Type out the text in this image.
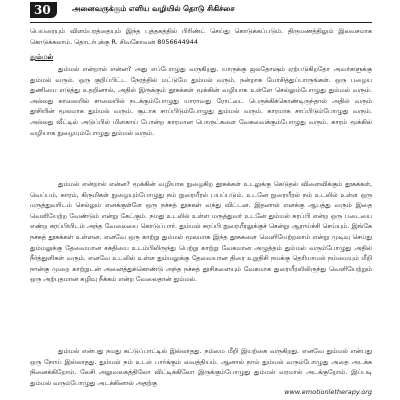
30	அனைவருக்கும் எளிய வழியில் தொடு சிகிச்சை
பெயரையும் விளம்பரத்தையும் இந்த புத்தகத்தில் பிரிண்ட் செய்து கொடுக்கப்படும். திருமணத்திலும் இலவசமாக கொடுக்கலாம். தொடர்புக்கு R. சிவகோவன் 8056644944
தும்மல்
தும்மல் என்றால் என்ன? அது எப்போழுது வருகிறது. யாருக்கு ஜலதோஷம் ஏற்படுகிறதோ அவர்களுக்கு தும்மல் வரும். ஒரு குறிப்பிட்ட நேரத்தில் மட்டுமே தும்மல் வரும். நன்றாக யோசித்துப்பாருங்கள். ஒரு பழைய துணியை எடுத்து உதறினால், அதில் இருக்கும் தூசுக்கள் மூக்கின் வழியாக உள்ளே செல்லும்போழுது தும்மல் வரும். அல்லது காலையில் சாலையில் நடக்கும்போழுது யாராவது ரோட்டை பெருக்கிக்கொண்டிருந்தால் அதில் வரும் தூசியின் மூலமாக தும்மல் வரும். சூடாக சாப்பிடும்போழுது தும்மல் வரும். காரமாக சாப்பிடும்போழுது வரும். அல்லது வீட்டில் அடுப்பில் மிளகாய் போன்ற காரமான பொருட்களை வேகவைக்கும்போழுது வரும். காரம் மூக்கில் வழியாக நுழையும்போழுது தும்மல் வரும்.
தும்மல் என்றால் என்ன? மூக்கின் வழியாக நுழைகிற தூசுக்கள் உடலுக்கு கெடுதல் விளைவிக்கும் தூசுக்கள், வெப்பம், காரம், கிருமிகள் நுழையும்போழுது நம் நுரையீரல் பயப்படும். உடனே நுரையீரல் நம் உடலில் உள்ள ஒரு மருத்துவரிடம் செல்லும் எனக்குள்ளே ஒரு நச்சுத் தூசுகள் வந்து விட்டன. இதனால் எனக்கு ஆபத்து வரும் இதை வெளியேற்ற வேண்டும் என்று கேட்கும். நமது உடலில் உள்ள மருத்துவர் உடனே தும்மல் சுரப்பி என்ற ஒரு படையை எண்ற சுரப்பியிடம் அந்த வேலையை கொடுப்பார். தும்மல் சுரப்பி நுரையீரலுக்குச் சென்று ஆராய்ச்சி செய்யும். இங்கே நச்சுத் தூசுக்கள் உள்ளன. எனவே ஒரு காற்று தும்மல் மூலமாக இந்த தூசுகளை வெளியேற்றலாம் என்று முடிவு செய்து தும்மலுக்கு தேவையான சக்தியை உடம்பிலிருந்து பெற்று காற்று வேகமான அழுத்தம் தும்மல் வரும்போழுது அதில் நீர்த்துளிகள் வரும். எனவே உடலில் உள்ள தும்மலுக்கு தேவையான திரை உறுதிசி நமக்கு தெரியாமல் நம்மையும் மீறி நான்கு முறை காற்றுடன் அனைத்துக்கொண்டு அந்த நச்சுத் தூசிகளையும் வேகமாக துரையீரலிலிருந்து வெளியேற்றும் ஒரு அற்புதமான கழிவு நீக்கம் என்ற வேலைதான் தும்மல்.
தும்மல் என்பது நமது கட்டுப்பாட்டில் இல்லாதது. நம்மை மீறி இயற்கை வருகிறது. எனவே தும்மல் என்பது ஒரு நோய் இல்லாதது. தும்மல் நம் உடல் பார்க்கும் வைத்தியம். ஆனால் நாம் தும்மல் வரும்போழுது அதை அடக்க நினைக்கிறோம். லேசி அலுவலகத்திலோ விட்டிக்கிலோ இருக்கும்போழுது தும்மல் வரமால் அடக்குறோம். இப்படி தும்மல் வரும்போழுது அடக்கினால் அதற்கு
www.emotionletherapy.org
